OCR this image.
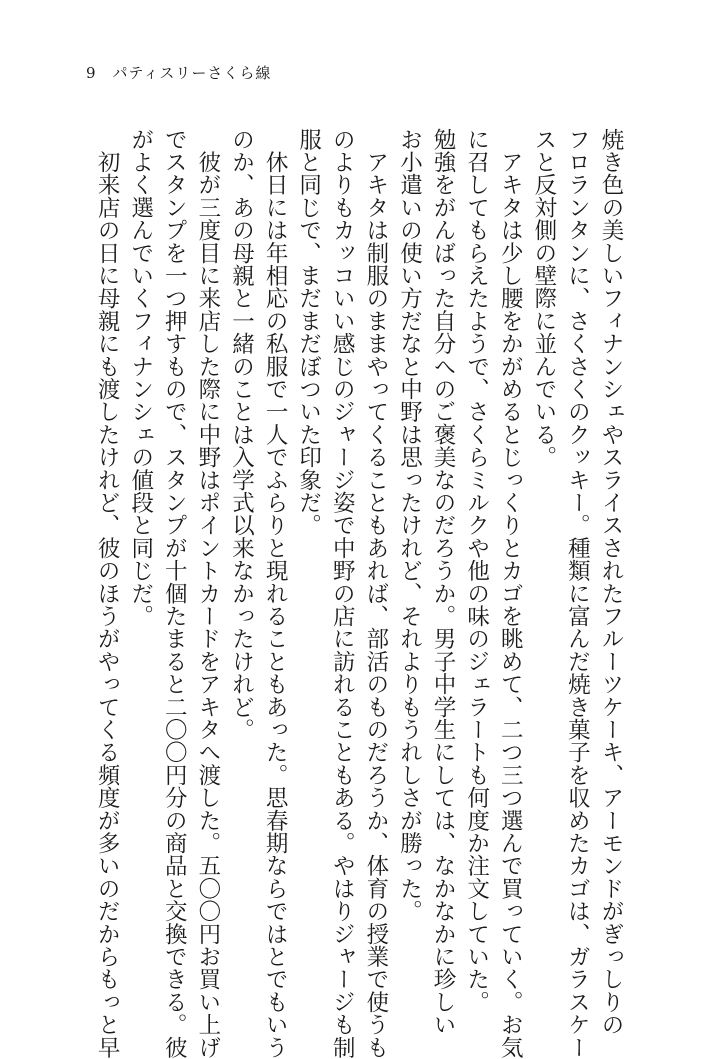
9 パティスリーさくら線
焼き色の美しいフィナンシェやスライスされたフルーツケーキ、アーモンドがぎっしりの
フロランタンに、さくさくのクッキー。種類に富んだ焼き菓子を収めたカゴは、ガラスケー
スと反対側の壁際に並んでいる。
　アキタは少し腰をかがめるとじっくりとカゴを眺めて、二つ三つ選んで買っていく。お気
に召してもらえたようで、さくらミルクや他の味のジェラートも何度か注文していた。
勉強をがんばった自分へのご褒美なのだろうか。男子中学生にしては、なかなかに珍しい
お小遣いの使い方だなと中野は思ったけれど、それよりもうれしさが勝った。
　アキタは制服のままやってくることもあれば、部活のものだろうか、体育の授業で使うも
のよりもカッコいい感じのジャージ姿で中野の店に訪れることもある。やはりジャージも制
服と同じで、まだまだぼついた印象だ。
　休日には年相応の私服で一人でふらりと現れることもあった。思春期ならではとでもいう
のか、あの母親と一緒のことは入学式以来なかったけれど。
　彼が三度目に来店した際に中野はポイントカードをアキタへ渡した。五〇〇円お買い上げ
でスタンプを一つ押すもので、スタンプが十個たまると二〇〇円分の商品と交換できる。彼
がよく選んでいくフィナンシェの値段と同じだ。
　初来店の日に母親にも渡したけれど、彼のほうがやってくる頻度が多いのだからもっと早
